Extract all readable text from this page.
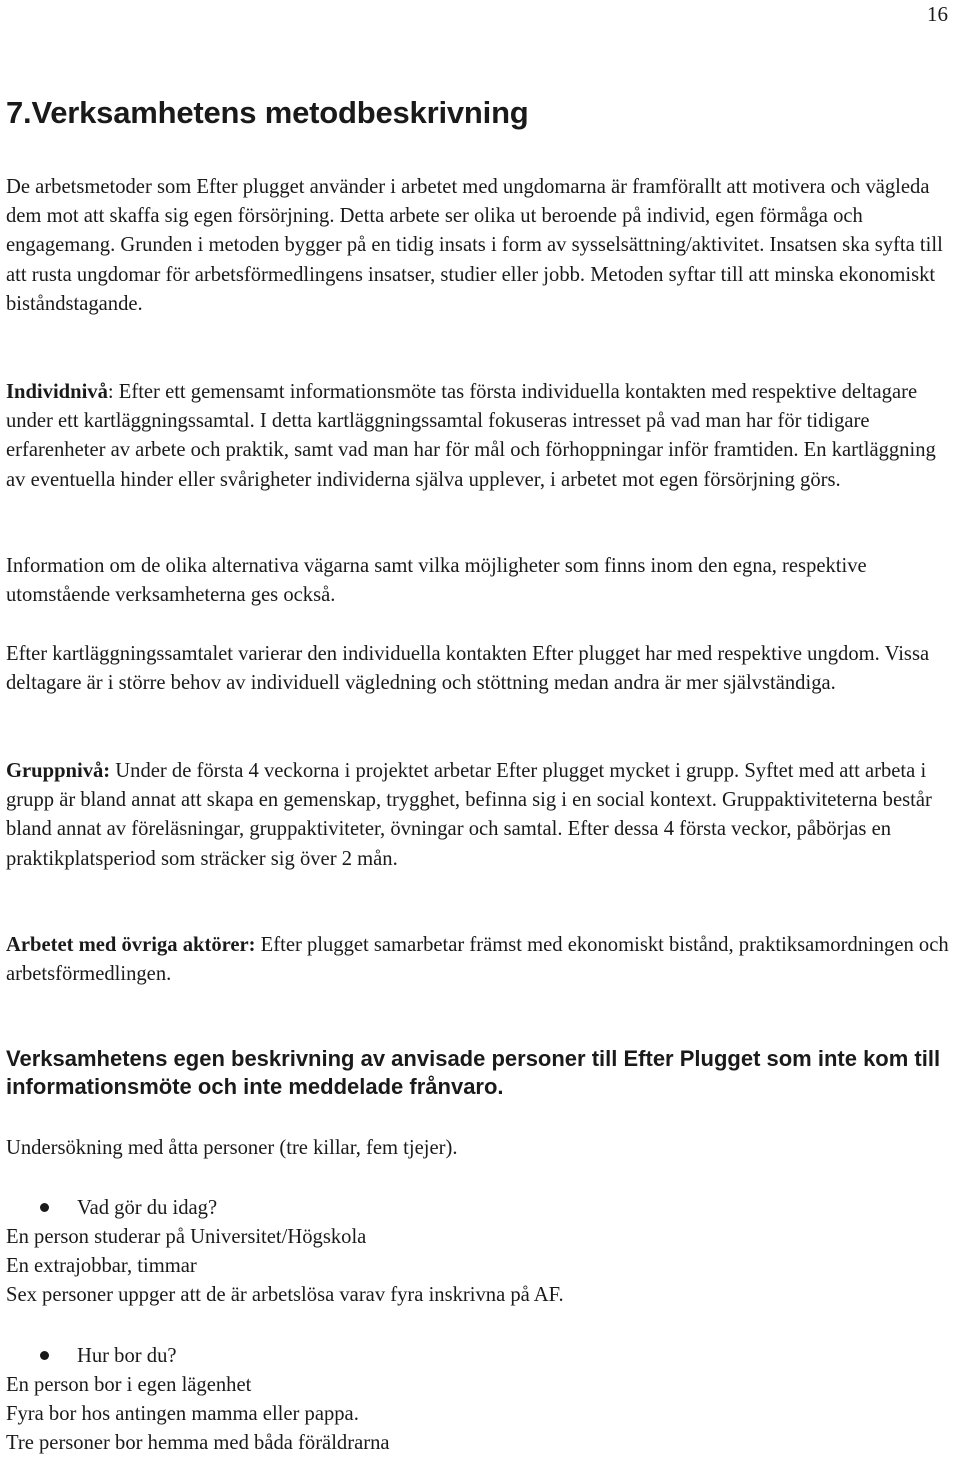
16
7.Verksamhetens metodbeskrivning

De arbetsmetoder som Efter plugget använder i arbetet med ungdomarna är framförallt att motivera och vägleda dem mot att skaffa sig egen försörjning. Detta arbete ser olika ut beroende på individ, egen förmåga och engagemang. Grunden i metoden bygger på en tidig insats i form av sysselsättning/aktivitet. Insatsen ska syfta till att rusta ungdomar för arbetsförmedlingens insatser, studier eller jobb. Metoden syftar till att minska ekonomiskt biståndstagande.

Individnivå: Efter ett gemensamt informationsmöte tas första individuella kontakten med respektive deltagare under ett kartläggningssamtal. I detta kartläggningssamtal fokuseras intresset på vad man har för tidigare erfarenheter av arbete och praktik, samt vad man har för mål och förhoppningar inför framtiden. En kartläggning av eventuella hinder eller svårigheter individerna själva upplever, i arbetet mot egen försörjning görs.

Information om de olika alternativa vägarna samt vilka möjligheter som finns inom den egna, respektive utomstående verksamheterna ges också.

Efter kartläggningssamtalet varierar den individuella kontakten Efter plugget har med respektive ungdom. Vissa deltagare är i större behov av individuell vägledning och stöttning medan andra är mer självständiga.

Gruppnivå: Under de första 4 veckorna i projektet arbetar Efter plugget mycket i grupp. Syftet med att arbeta i grupp är bland annat att skapa en gemenskap, trygghet, befinna sig i en social kontext. Gruppaktiviteterna består bland annat av föreläsningar, gruppaktiviteter, övningar och samtal. Efter dessa 4 första veckor, påbörjas en praktikplatsperiod som sträcker sig över 2 mån.

Arbetet med övriga aktörer: Efter plugget samarbetar främst med ekonomiskt bistånd, praktiksamordningen och arbetsförmedlingen.

Verksamhetens egen beskrivning av anvisade personer till Efter Plugget som inte kom till informationsmöte och inte meddelade frånvaro.
Undersökning med åtta personer (tre killar, fem tjejer).
Vad gör du idag?
En person studerar på Universitet/Högskola
En extrajobbar, timmar
Sex personer uppger att de är arbetslösa varav fyra inskrivna på AF.
Hur bor du?
En person bor i egen lägenhet
Fyra bor hos antingen mamma eller pappa.
Tre personer bor hemma med båda föräldrarna
